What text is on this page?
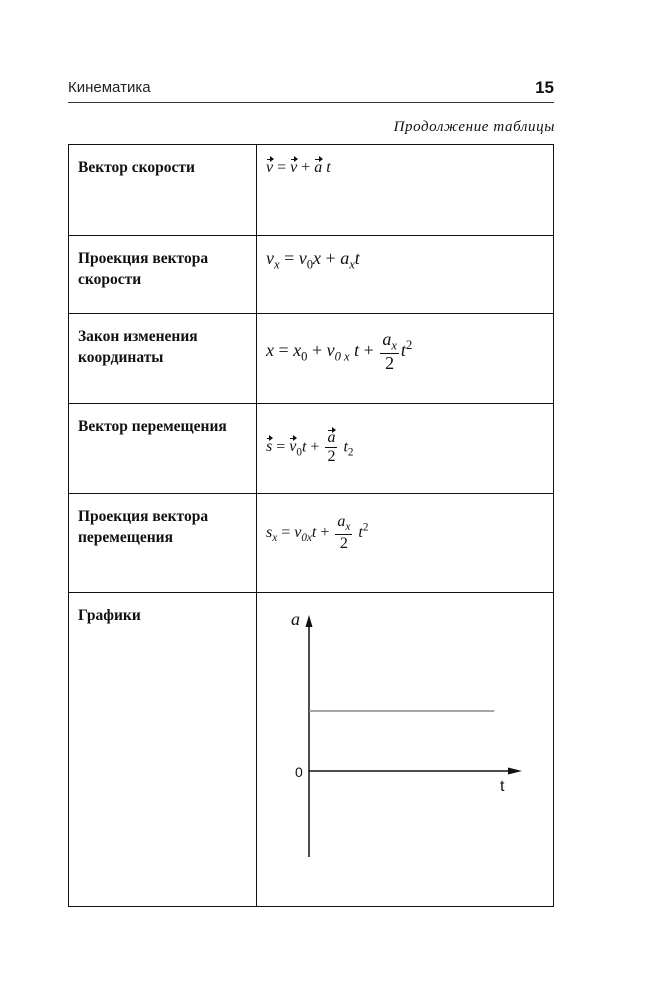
Кинематика	15
Продолжение таблицы
Вектор скорости	v = v + a t

Проекция вектора скорости	$v_x = v_0x + a_xt$

Закон изменения координаты	$x = x_0 + v_{0 x}$ $t + \frac{a_x}{2} t^2$

Вектор перемещения	$s = v_0t + \frac{a}{2} t_2$

Проекция вектора перемещения	$s_x = v_{0x}t + \frac{a_x}{2} t^2$

Графики	a
t
0
